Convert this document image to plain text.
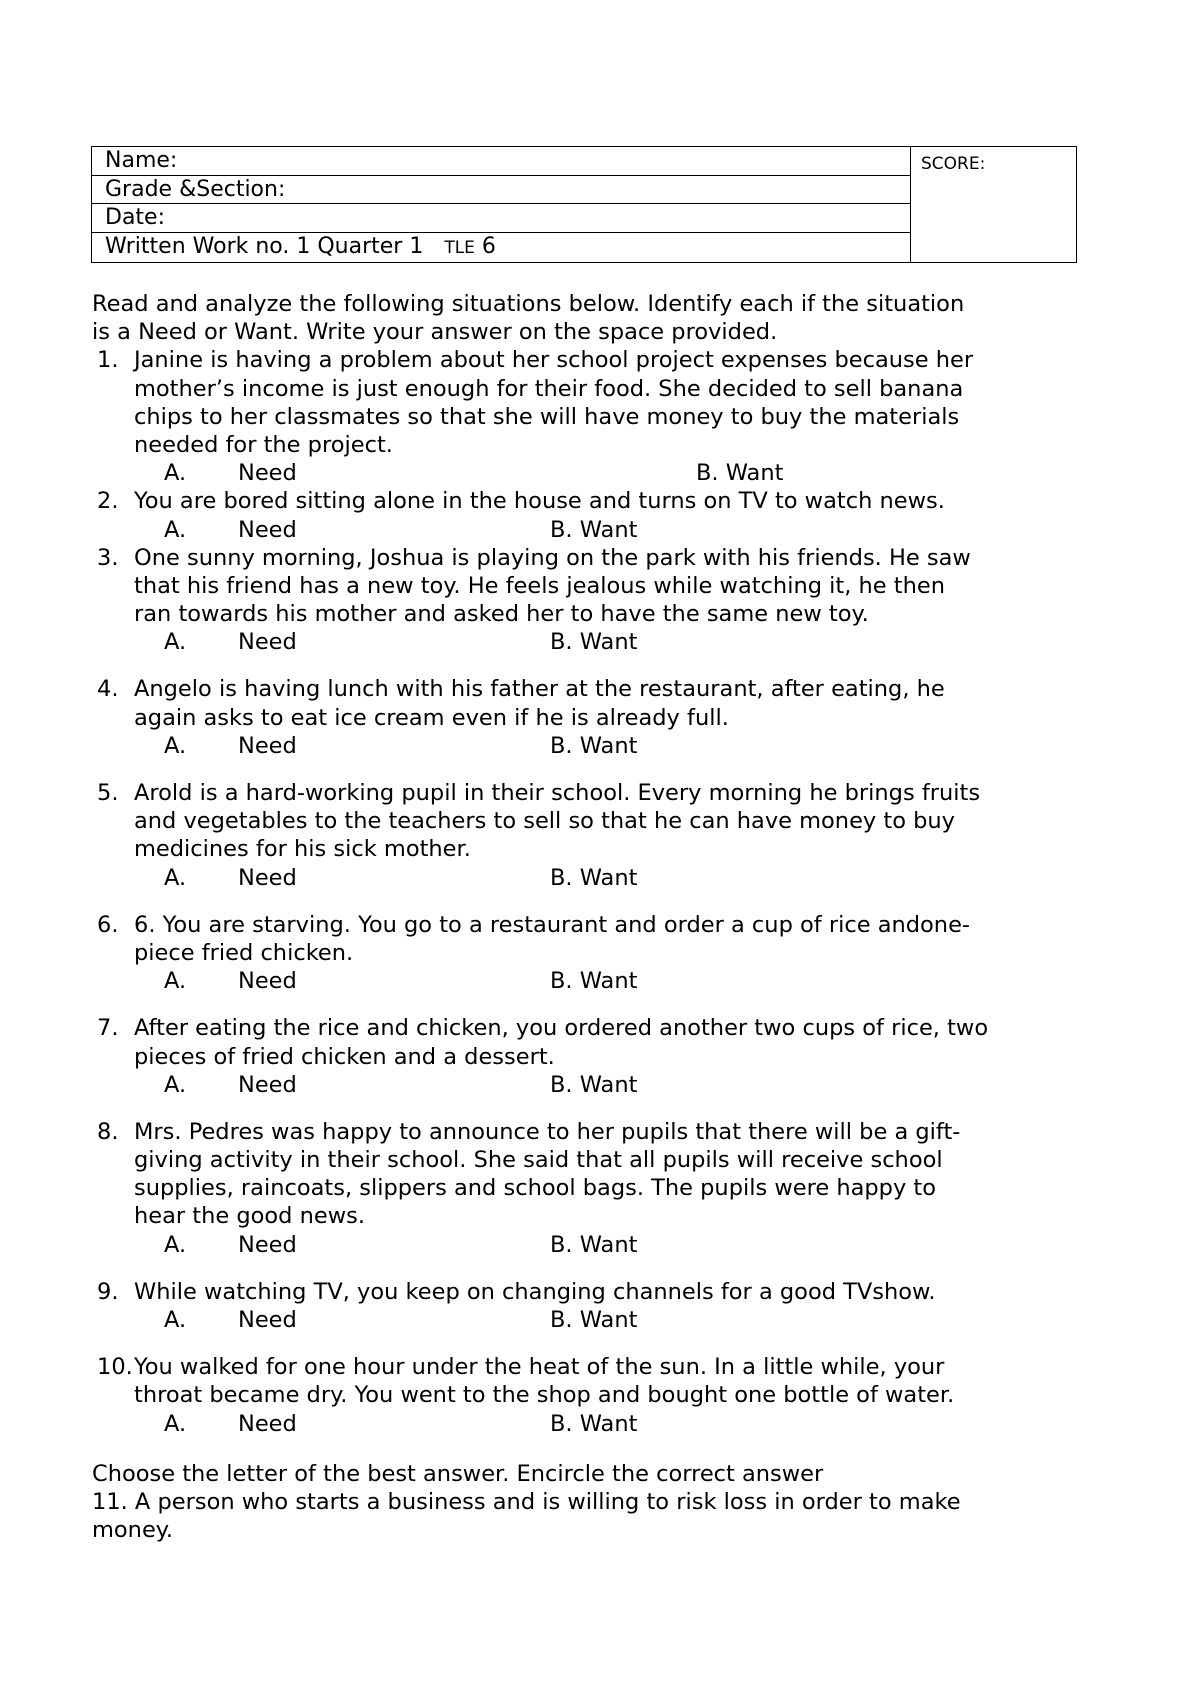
Name:	SCORE:
Grade &Section:
Date:
Written Work no. 1 Quarter 1 TLE 6
Read and analyze the following situations below. Identify each if the situation
is a Need or Want. Write your answer on the space provided.
1. Janine is having a problem about her school project expenses because her
mother’s income is just enough for their food. She decided to sell banana
chips to her classmates so that she will have money to buy the materials
needed for the project.
A. Need	B. Want
2. You are bored sitting alone in the house and turns on TV to watch news.
A. Need	B. Want
3. One sunny morning, Joshua is playing on the park with his friends. He saw
that his friend has a new toy. He feels jealous while watching it, he then
ran towards his mother and asked her to have the same new toy.
A. Need	B. Want
4. Angelo is having lunch with his father at the restaurant, after eating, he
again asks to eat ice cream even if he is already full.
A. Need	B. Want
5. Arold is a hard-working pupil in their school. Every morning he brings fruits
and vegetables to the teachers to sell so that he can have money to buy
medicines for his sick mother.
A. Need	B. Want
6. 6. You are starving. You go to a restaurant and order a cup of rice andone-
piece fried chicken.
A. Need	B. Want
7. After eating the rice and chicken, you ordered another two cups of rice, two
pieces of fried chicken and a dessert.
A. Need	B. Want
8. Mrs. Pedres was happy to announce to her pupils that there will be a gift-
giving activity in their school. She said that all pupils will receive school
supplies, raincoats, slippers and school bags. The pupils were happy to
hear the good news.
A. Need	B. Want
9. While watching TV, you keep on changing channels for a good TVshow.
A. Need	B. Want
10. You walked for one hour under the heat of the sun. In a little while, your
throat became dry. You went to the shop and bought one bottle of water.
A. Need	B. Want
Choose the letter of the best answer. Encircle the correct answer
11. A person who starts a business and is willing to risk loss in order to make
money.
